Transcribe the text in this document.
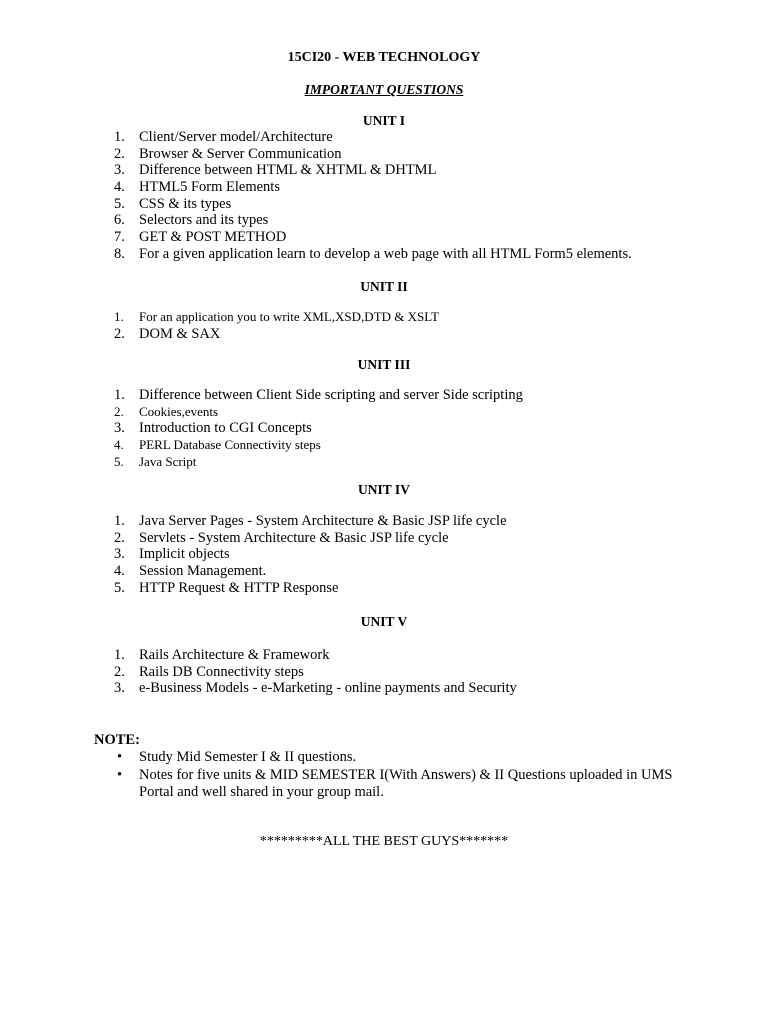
15CI20 - WEB TECHNOLOGY
IMPORTANT QUESTIONS
UNIT I
1. Client/Server model/Architecture
2. Browser & Server Communication
3. Difference between HTML & XHTML & DHTML
4. HTML5 Form Elements
5. CSS & its types
6. Selectors and its types
7. GET & POST METHOD
8. For a given application learn to develop a web page with all HTML Form5 elements.
UNIT II
1. For an application you to write XML,XSD,DTD & XSLT
2. DOM & SAX
UNIT III
1. Difference between Client Side scripting and server Side scripting
2. Cookies,events
3. Introduction to CGI Concepts
4. PERL Database Connectivity steps
5. Java Script
UNIT IV
1. Java Server Pages - System Architecture & Basic JSP life cycle
2. Servlets - System Architecture & Basic JSP life cycle
3. Implicit objects
4. Session Management.
5. HTTP Request & HTTP Response
UNIT V
1. Rails Architecture & Framework
2. Rails DB Connectivity steps
3. e-Business Models - e-Marketing - online payments and Security
NOTE:
• Study Mid Semester I & II questions.
• Notes for five units & MID SEMESTER I(With Answers) & II Questions uploaded in UMS Portal and well shared in your group mail.
*********ALL THE BEST GUYS*******
